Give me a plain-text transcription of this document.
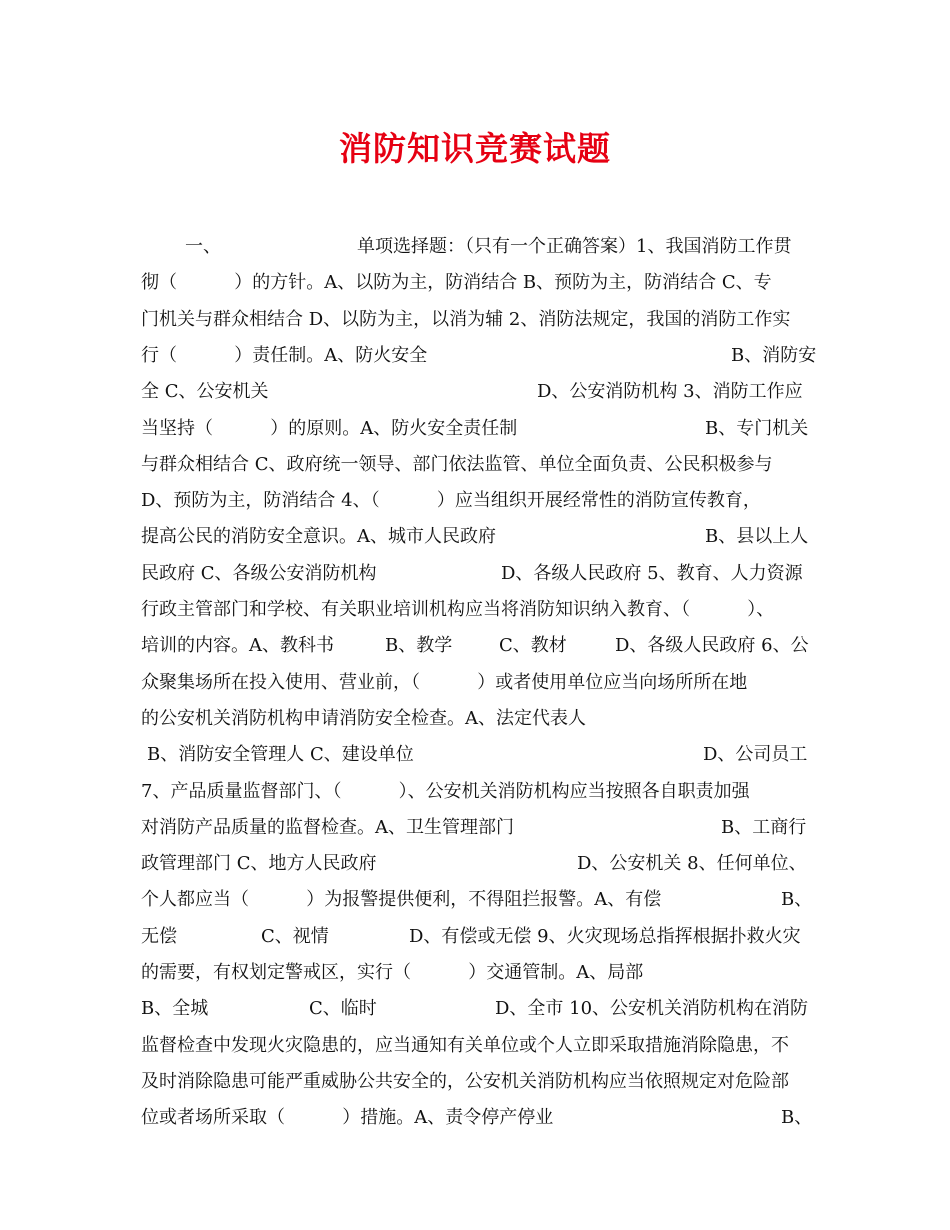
消防知识竞赛试题
一、	单项选择题：（只有一个正确答案）1、我国消防工作贯
彻（          ）的方针。A、以防为主，防消结合 B、预防为主，防消结合 C、专
门机关与群众相结合 D、以防为主，以消为辅 2、消防法规定，我国的消防工作实
行（          ）责任制。A、防火安全	B、消防安
全 C、公安机关	D、公安消防机构 3、消防工作应
当坚持（          ）的原则。A、防火安全责任制	B、专门机关
与群众相结合 C、政府统一领导、部门依法监管、单位全面负责、公民积极参与
D、预防为主，防消结合 4、（          ）应当组织开展经常性的消防宣传教育，
提高公民的消防安全意识。A、城市人民政府	B、县以上人
民政府 C、各级公安消防机构	D、各级人民政府 5、教育、人力资源
行政主管部门和学校、有关职业培训机构应当将消防知识纳入教育、（          ）、
培训的内容。A、教科书	B、教学	C、教材	D、各级人民政府 6、公
众聚集场所在投入使用、营业前，（          ）或者使用单位应当向场所所在地
的公安机关消防机构申请消防安全检查。A、法定代表人
B、消防安全管理人 C、建设单位	D、公司员工
7、产品质量监督部门、（          ）、公安机关消防机构应当按照各自职责加强
对消防产品质量的监督检查。A、卫生管理部门	B、工商行
政管理部门 C、地方人民政府	D、公安机关 8、任何单位、
个人都应当（          ）为报警提供便利，不得阻拦报警。A、有偿	B、
无偿	C、视情	D、有偿或无偿 9、火灾现场总指挥根据扑救火灾
的需要，有权划定警戒区，实行（          ）交通管制。A、局部
B、全城	C、临时	D、全市 10、公安机关消防机构在消防
监督检查中发现火灾隐患的，应当通知有关单位或个人立即采取措施消除隐患，不
及时消除隐患可能严重威胁公共安全的，公安机关消防机构应当依照规定对危险部
位或者场所采取（          ）措施。A、责令停产停业	B、
